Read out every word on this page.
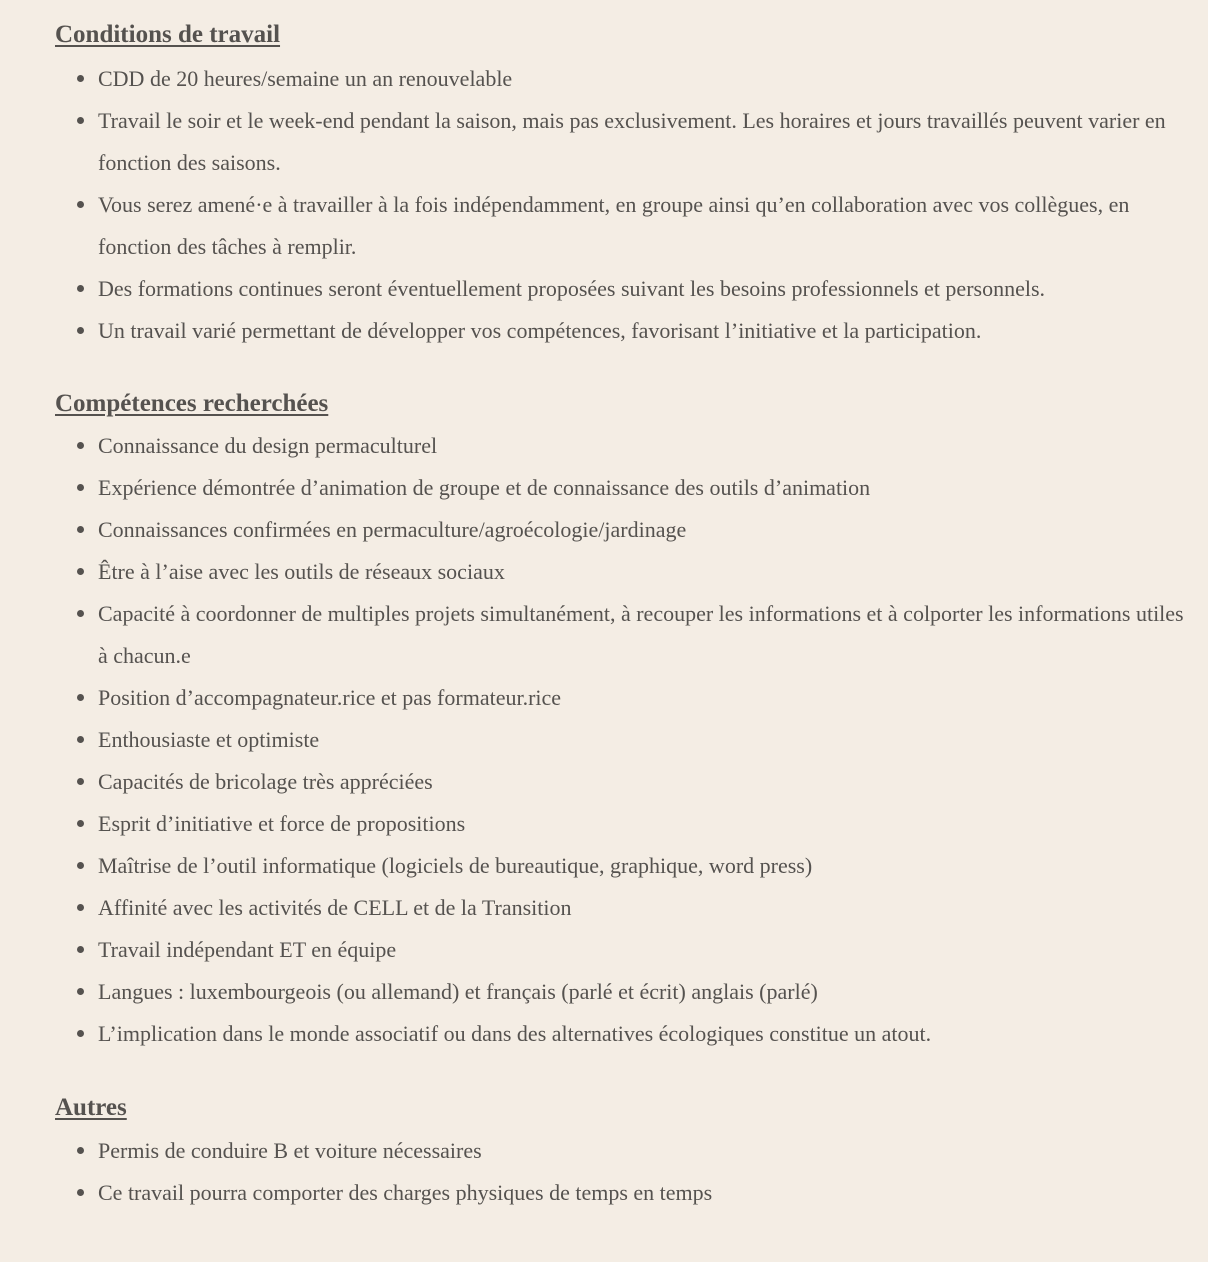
Conditions de travail
CDD de 20 heures/semaine un an renouvelable
Travail le soir et le week-end pendant la saison, mais pas exclusivement. Les horaires et jours travaillés peuvent varier en fonction des saisons.
Vous serez amené·e à travailler à la fois indépendamment, en groupe ainsi qu’en collaboration avec vos collègues, en fonction des tâches à remplir.
Des formations continues seront éventuellement proposées suivant les besoins professionnels et personnels.
Un travail varié permettant de développer vos compétences, favorisant l’initiative et la participation.
Compétences recherchées
Connaissance du design permaculturel
Expérience démontrée d’animation de groupe et de connaissance des outils d’animation
Connaissances confirmées en permaculture/agroécologie/jardinage
Être à l’aise avec les outils de réseaux sociaux
Capacité à coordonner de multiples projets simultanément, à recouper les informations et à colporter les informations utiles à chacun.e
Position d’accompagnateur.rice et pas formateur.rice
Enthousiaste et optimiste
Capacités de bricolage très appréciées
Esprit d’initiative et force de propositions
Maîtrise de l’outil informatique (logiciels de bureautique, graphique, word press)
Affinité avec les activités de CELL et de la Transition
Travail indépendant ET en équipe
Langues : luxembourgeois (ou allemand) et français (parlé et écrit) anglais (parlé)
L’implication dans le monde associatif ou dans des alternatives écologiques constitue un atout.
Autres
Permis de conduire B et voiture nécessaires
Ce travail pourra comporter des charges physiques de temps en temps
